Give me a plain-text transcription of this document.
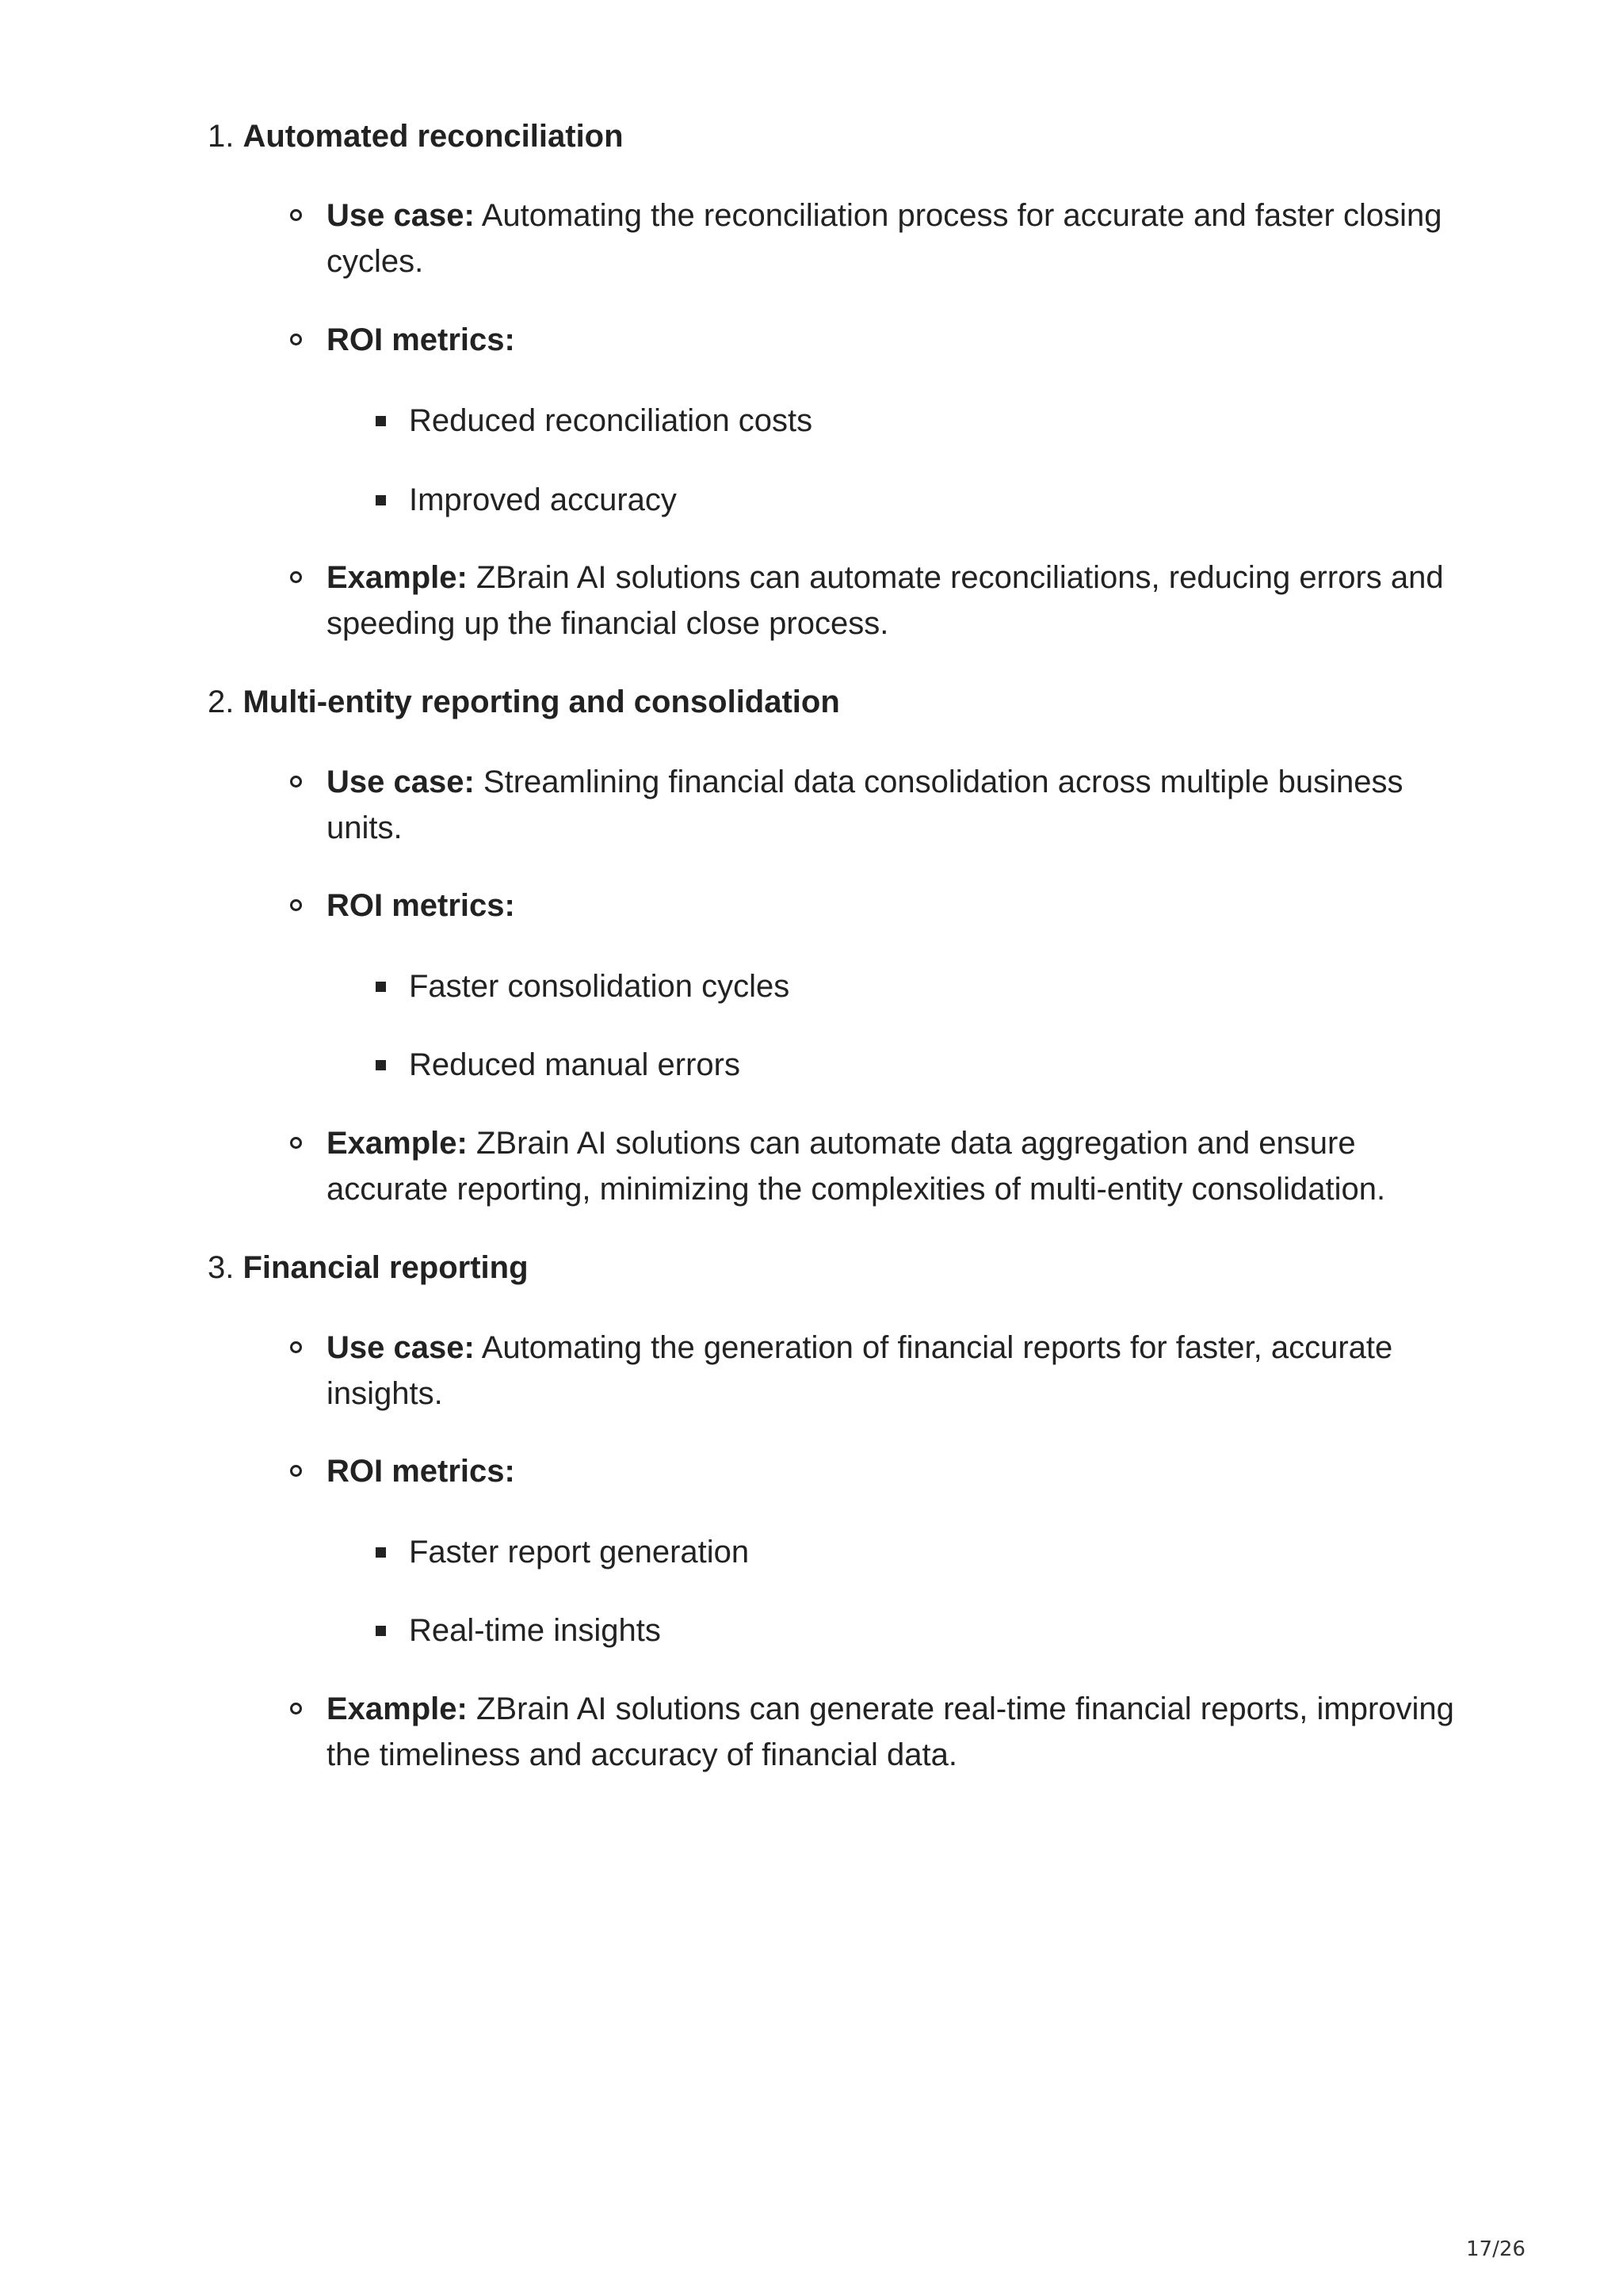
1. Automated reconciliation
Use case: Automating the reconciliation process for accurate and faster closing cycles.
ROI metrics:
Reduced reconciliation costs
Improved accuracy
Example: ZBrain AI solutions can automate reconciliations, reducing errors and speeding up the financial close process.
2. Multi-entity reporting and consolidation
Use case: Streamlining financial data consolidation across multiple business units.
ROI metrics:
Faster consolidation cycles
Reduced manual errors
Example: ZBrain AI solutions can automate data aggregation and ensure accurate reporting, minimizing the complexities of multi-entity consolidation.
3. Financial reporting
Use case: Automating the generation of financial reports for faster, accurate insights.
ROI metrics:
Faster report generation
Real-time insights
Example: ZBrain AI solutions can generate real-time financial reports, improving the timeliness and accuracy of financial data.
17/26
